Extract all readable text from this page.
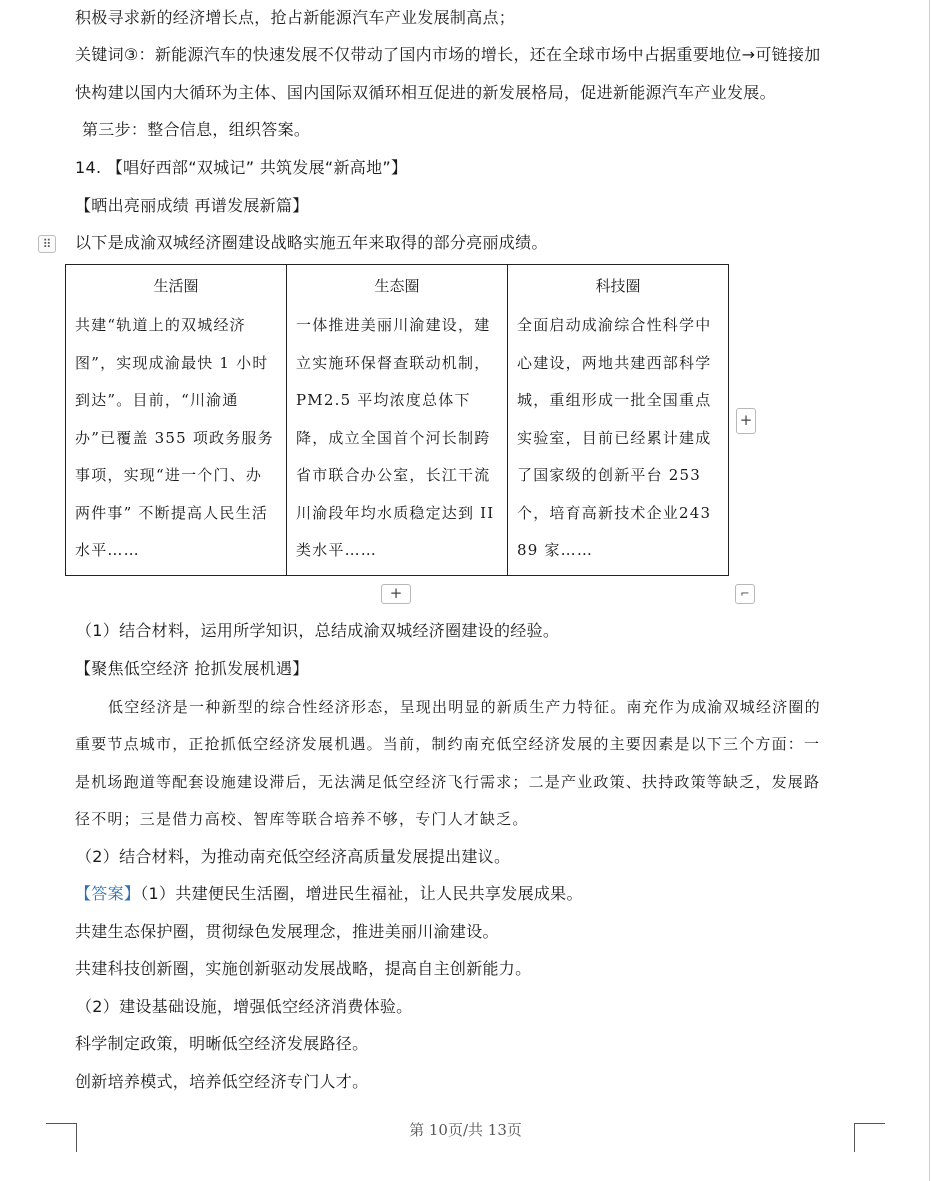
积极寻求新的经济增长点，抢占新能源汽车产业发展制高点；
关键词③：新能源汽车的快速发展不仅带动了国内市场的增长，还在全球市场中占据重要地位→可链接加
快构建以国内大循环为主体、国内国际双循环相互促进的新发展格局，促进新能源汽车产业发展。
第三步：整合信息，组织答案。
14. 【唱好西部“双城记” 共筑发展“新高地”】
【晒出亮丽成绩 再谱发展新篇】
⠿ 以下是成渝双城经济圈建设战略实施五年来取得的部分亮丽成绩。
生活圈	生态圈	科技圈
共建“轨道上的双城经济图”，实现成渝最快 1 小时到达”。目前，“川渝通办”已覆盖 355 项政务服务事项，实现“进一个门、办两件事” 不断提高人民生活水平……	一体推进美丽川渝建设，建立实施环保督查联动机制，PM2.5 平均浓度总体下降，成立全国首个河长制跨省市联合办公室，长江干流川渝段年均水质稳定达到 II 类水平……	全面启动成渝综合性科学中心建设，两地共建西部科学城，重组形成一批全国重点实验室，目前已经累计建成了国家级的创新平台 253 个，培育高新技术企业24389 家……
+
+	⌐
（1）结合材料，运用所学知识，总结成渝双城经济圈建设的经验。
【聚焦低空经济 抢抓发展机遇】
低空经济是一种新型的综合性经济形态，呈现出明显的新质生产力特征。南充作为成渝双城经济圈的
重要节点城市，正抢抓低空经济发展机遇。当前，制约南充低空经济发展的主要因素是以下三个方面：一
是机场跑道等配套设施建设滞后，无法满足低空经济飞行需求；二是产业政策、扶持政策等缺乏，发展路
径不明；三是借力高校、智库等联合培养不够，专门人才缺乏。
（2）结合材料，为推动南充低空经济高质量发展提出建议。
【答案】（1）共建便民生活圈，增进民生福祉，让人民共享发展成果。
共建生态保护圈，贯彻绿色发展理念，推进美丽川渝建设。
共建科技创新圈，实施创新驱动发展战略，提高自主创新能力。
（2）建设基础设施，增强低空经济消费体验。
科学制定政策，明晰低空经济发展路径。
创新培养模式，培养低空经济专门人才。
第 10页/共 13页
